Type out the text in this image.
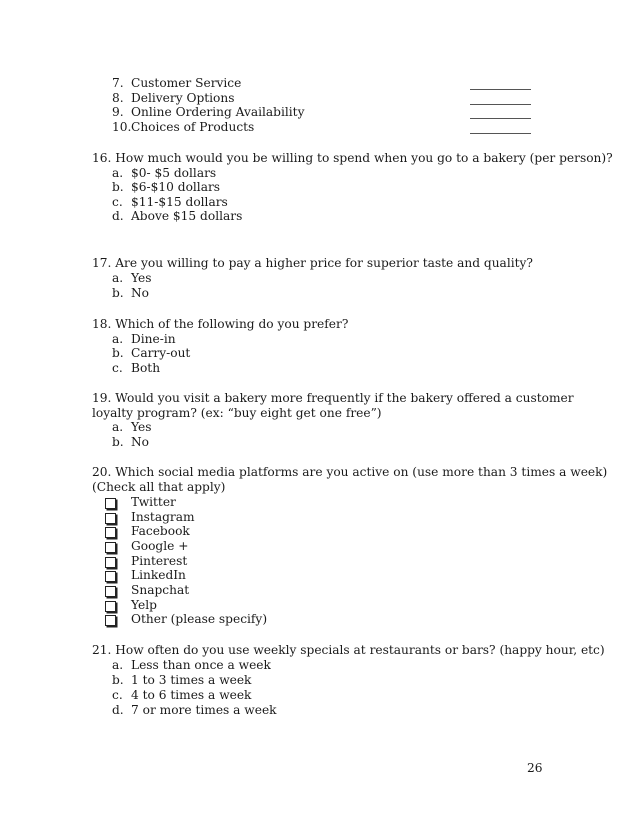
7. Customer Service
8. Delivery Options
9. Online Ordering Availability
10. Choices of Products
16. How much would you be willing to spend when you go to a bakery (per person)?
a. $0- $5 dollars
b. $6-$10 dollars
c. $11-$15 dollars
d. Above $15 dollars
17. Are you willing to pay a higher price for superior taste and quality?
a. Yes
b. No
18. Which of the following do you prefer?
a. Dine-in
b. Carry-out
c. Both
19. Would you visit a bakery more frequently if the bakery offered a customer
loyalty program? (ex: “buy eight get one free”)
a. Yes
b. No
20. Which social media platforms are you active on (use more than 3 times a week)
(Check all that apply)
Twitter
Instagram
Facebook
Google +
Pinterest
LinkedIn
Snapchat
Yelp
Other (please specify)
21. How often do you use weekly specials at restaurants or bars? (happy hour, etc)
a. Less than once a week
b. 1 to 3 times a week
c. 4 to 6 times a week
d. 7 or more times a week
26
